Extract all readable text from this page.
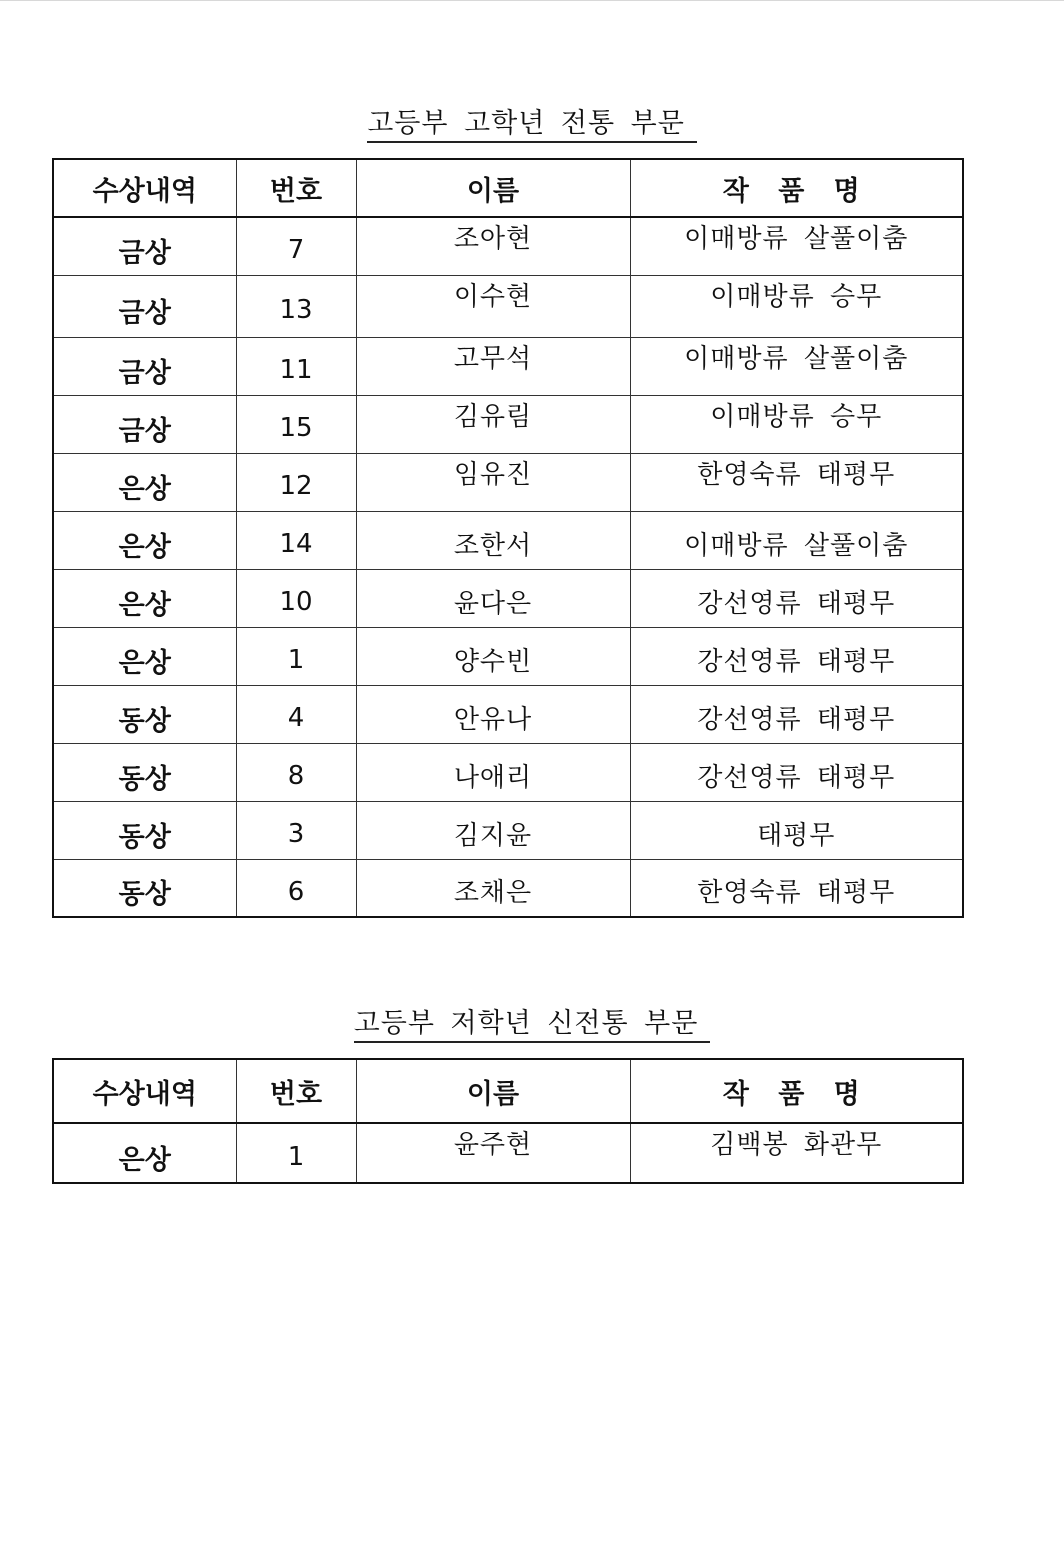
고등부 고학년 전통 부문
수상내역	번호	이름	작 품 명
금상	7	조아현	이매방류 살풀이춤
금상	13	이수현	이매방류 승무
금상	11	고무석	이매방류 살풀이춤
금상	15	김유림	이매방류 승무
은상	12	임유진	한영숙류 태평무
은상	14	조한서	이매방류 살풀이춤
은상	10	윤다은	강선영류 태평무
은상	1	양수빈	강선영류 태평무
동상	4	안유나	강선영류 태평무
동상	8	나애리	강선영류 태평무
동상	3	김지윤	태평무
동상	6	조채은	한영숙류 태평무
고등부 저학년 신전통 부문
수상내역	번호	이름	작 품 명
은상	1	윤주현	김백봉 화관무
